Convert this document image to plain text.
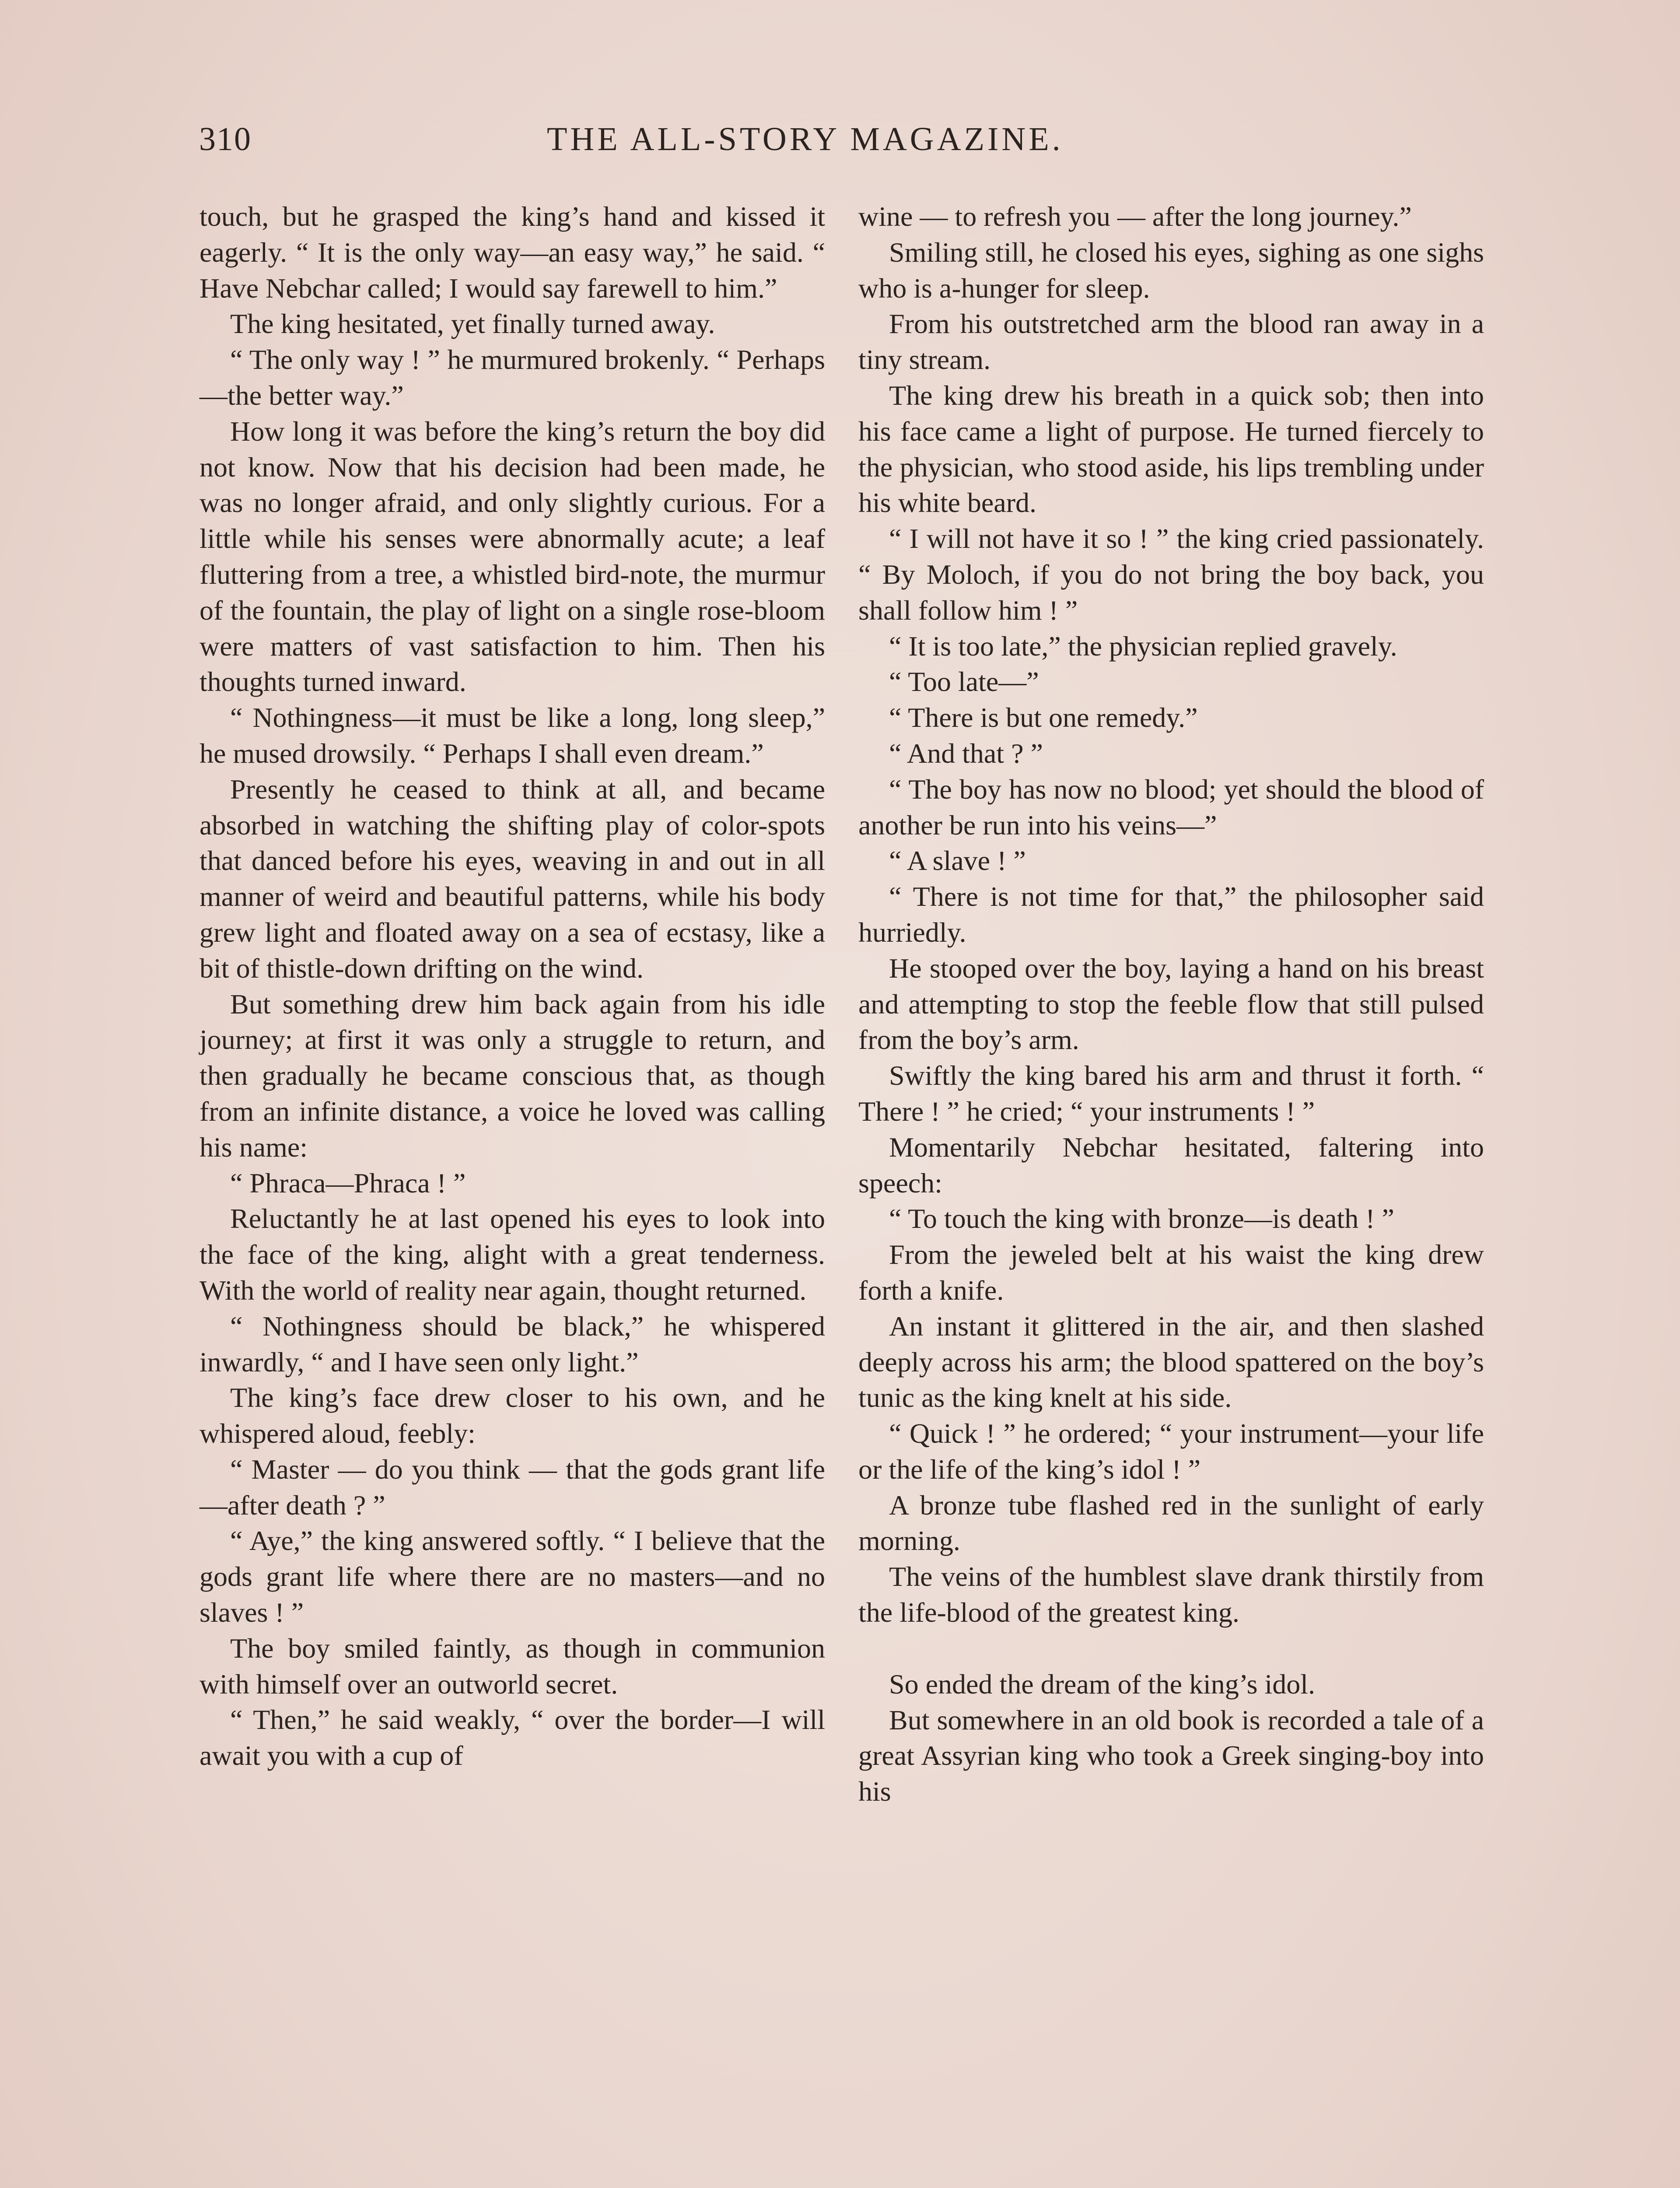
310	THE ALL-STORY MAGAZINE.

touch, but he grasped the king’s hand and kissed it eagerly. “ It is the only way—an easy way,” he said. “ Have Nebchar called; I would say farewell to him.”

The king hesitated, yet finally turned away.

“ The only way ! ” he murmured brokenly. “ Perhaps—the better way.”

How long it was before the king’s return the boy did not know. Now that his decision had been made, he was no longer afraid, and only slightly curious. For a little while his senses were abnormally acute; a leaf fluttering from a tree, a whistled bird-note, the murmur of the fountain, the play of light on a single rose-bloom were matters of vast satisfaction to him. Then his thoughts turned inward.

“ Nothingness—it must be like a long, long sleep,” he mused drowsily. “ Perhaps I shall even dream.”

Presently he ceased to think at all, and became absorbed in watching the shifting play of color-spots that danced before his eyes, weaving in and out in all manner of weird and beautiful patterns, while his body grew light and floated away on a sea of ecstasy, like a bit of thistle-down drifting on the wind.

But something drew him back again from his idle journey; at first it was only a struggle to return, and then gradually he became conscious that, as though from an infinite distance, a voice he loved was calling his name:

“ Phraca—Phraca ! ”

Reluctantly he at last opened his eyes to look into the face of the king, alight with a great tenderness. With the world of reality near again, thought returned.

“ Nothingness should be black,” he whispered inwardly, “ and I have seen only light.”

The king’s face drew closer to his own, and he whispered aloud, feebly:

“ Master — do you think — that the gods grant life—after death ? ”

“ Aye,” the king answered softly. “ I believe that the gods grant life where there are no masters—and no slaves ! ”

The boy smiled faintly, as though in communion with himself over an outworld secret.

“ Then,” he said weakly, “ over the border—I will await you with a cup of

wine — to refresh you — after the long journey.”

Smiling still, he closed his eyes, sighing as one sighs who is a-hunger for sleep.

From his outstretched arm the blood ran away in a tiny stream.

The king drew his breath in a quick sob; then into his face came a light of purpose. He turned fiercely to the physician, who stood aside, his lips trembling under his white beard.

“ I will not have it so ! ” the king cried passionately. “ By Moloch, if you do not bring the boy back, you shall follow him ! ”

“ It is too late,” the physician replied gravely.

“ Too late—”

“ There is but one remedy.”

“ And that ? ”

“ The boy has now no blood; yet should the blood of another be run into his veins—”

“ A slave ! ”

“ There is not time for that,” the philosopher said hurriedly.

He stooped over the boy, laying a hand on his breast and attempting to stop the feeble flow that still pulsed from the boy’s arm.

Swiftly the king bared his arm and thrust it forth. “ There ! ” he cried; “ your instruments ! ”

Momentarily Nebchar hesitated, faltering into speech:

“ To touch the king with bronze—is death ! ”

From the jeweled belt at his waist the king drew forth a knife.

An instant it glittered in the air, and then slashed deeply across his arm; the blood spattered on the boy’s tunic as the king knelt at his side.

“ Quick ! ” he ordered; “ your instrument—your life or the life of the king’s idol ! ”

A bronze tube flashed red in the sunlight of early morning.

The veins of the humblest slave drank thirstily from the life-blood of the greatest king.

So ended the dream of the king’s idol.

But somewhere in an old book is recorded a tale of a great Assyrian king who took a Greek singing-boy into his
